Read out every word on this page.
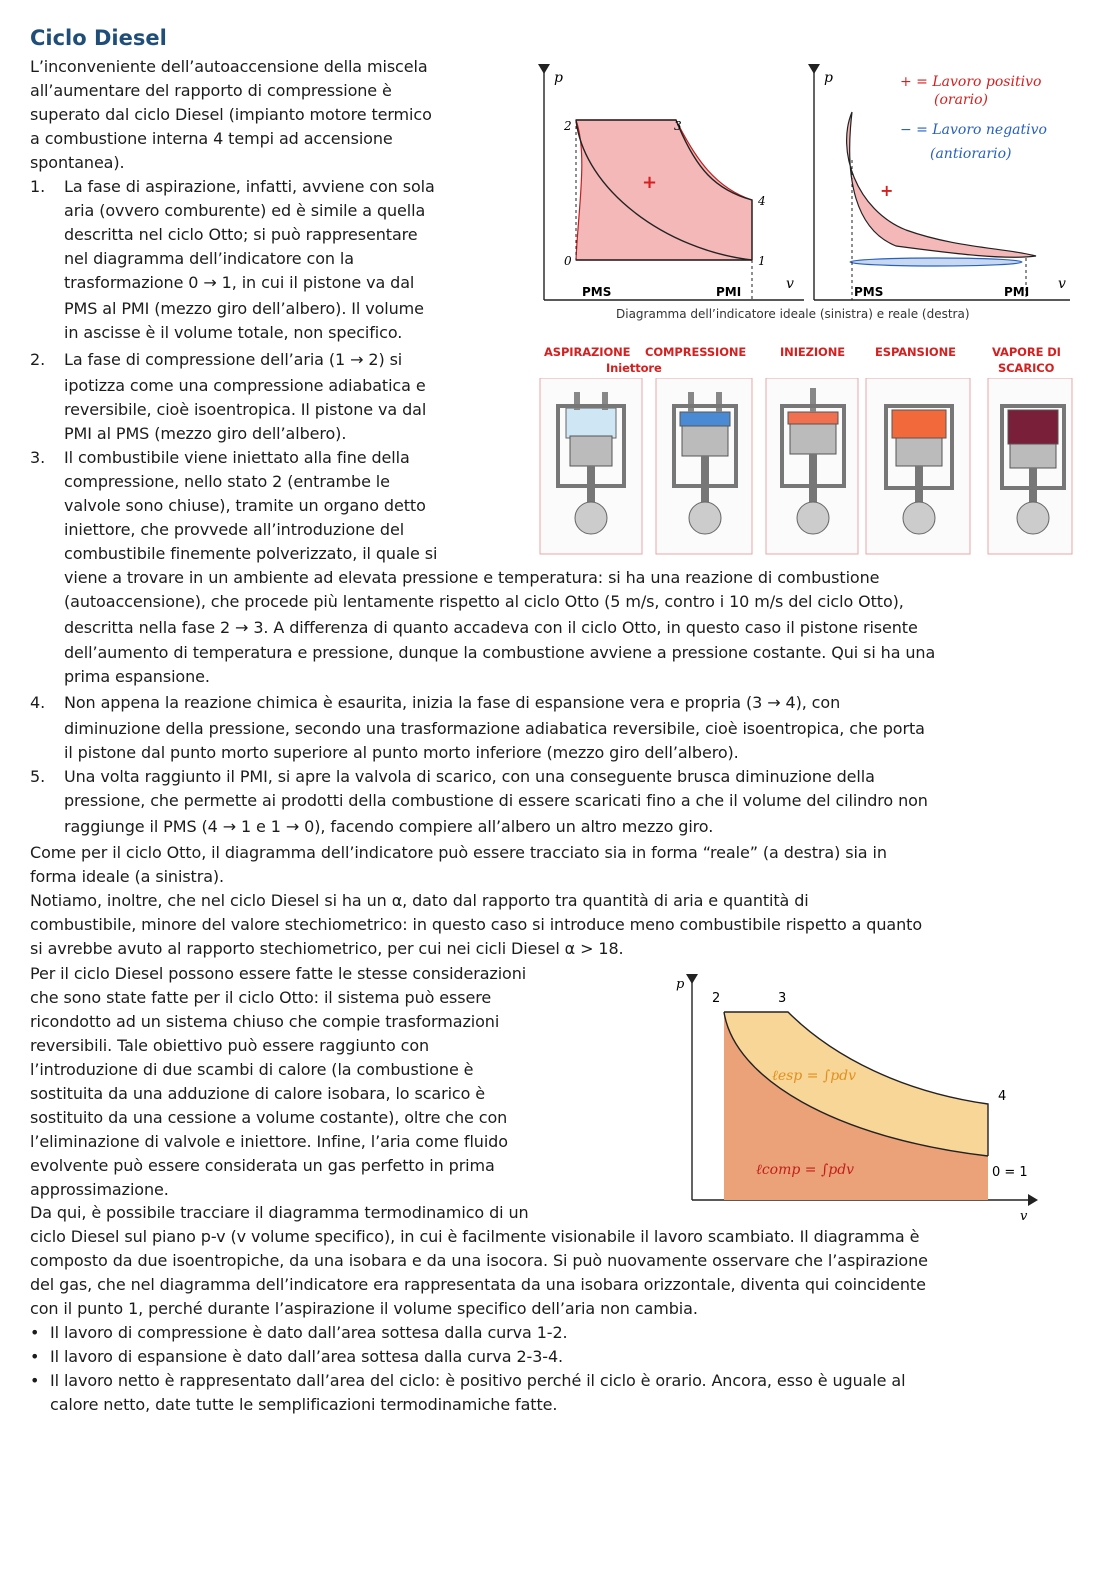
Ciclo Diesel
L’inconveniente dell’autoaccensione della miscela
all’aumentare del rapporto di compressione è
superato dal ciclo Diesel (impianto motore termico
a combustione interna 4 tempi ad accensione
spontanea).
1. La fase di aspirazione, infatti, avviene con sola
aria (ovvero comburente) ed è simile a quella
descritta nel ciclo Otto; si può rappresentare
nel diagramma dell’indicatore con la
trasformazione 0 → 1, in cui il pistone va dal
PMS al PMI (mezzo giro dell’albero). Il volume
in ascisse è il volume totale, non specifico.
2. La fase di compressione dell’aria (1 → 2) si
ipotizza come una compressione adiabatica e
reversibile, cioè isoentropica. Il pistone va dal
PMI al PMS (mezzo giro dell’albero).
3. Il combustibile viene iniettato alla fine della
compressione, nello stato 2 (entrambe le
valvole sono chiuse), tramite un organo detto
iniettore, che provvede all’introduzione del
combustibile finemente polverizzato, il quale si
viene a trovare in un ambiente ad elevata pressione e temperatura: si ha una reazione di combustione
(autoaccensione), che procede più lentamente rispetto al ciclo Otto (5 m/s, contro i 10 m/s del ciclo Otto),
descritta nella fase 2 → 3. A differenza di quanto accadeva con il ciclo Otto, in questo caso il pistone risente
dell’aumento di temperatura e pressione, dunque la combustione avviene a pressione costante. Qui si ha una
prima espansione.
4. Non appena la reazione chimica è esaurita, inizia la fase di espansione vera e propria (3 → 4), con
diminuzione della pressione, secondo una trasformazione adiabatica reversibile, cioè isoentropica, che porta
il pistone dal punto morto superiore al punto morto inferiore (mezzo giro dell’albero).
5. Una volta raggiunto il PMI, si apre la valvola di scarico, con una conseguente brusca diminuzione della
pressione, che permette ai prodotti della combustione di essere scaricati fino a che il volume del cilindro non
raggiunge il PMS (4 → 1 e 1 → 0), facendo compiere all’albero un altro mezzo giro.
Come per il ciclo Otto, il diagramma dell’indicatore può essere tracciato sia in forma “reale” (a destra) sia in
forma ideale (a sinistra).
Notiamo, inoltre, che nel ciclo Diesel si ha un α, dato dal rapporto tra quantità di aria e quantità di
combustibile, minore del valore stechiometrico: in questo caso si introduce meno combustibile rispetto a quanto
si avrebbe avuto al rapporto stechiometrico, per cui nei cicli Diesel α > 18.
Per il ciclo Diesel possono essere fatte le stesse considerazioni
che sono state fatte per il ciclo Otto: il sistema può essere
ricondotto ad un sistema chiuso che compie trasformazioni
reversibili. Tale obiettivo può essere raggiunto con
l’introduzione di due scambi di calore (la combustione è
sostituita da una adduzione di calore isobara, lo scarico è
sostituito da una cessione a volume costante), oltre che con
l’eliminazione di valvole e iniettore. Infine, l’aria come fluido
evolvente può essere considerata un gas perfetto in prima
approssimazione.
Da qui, è possibile tracciare il diagramma termodinamico di un
ciclo Diesel sul piano p-v (v volume specifico), in cui è facilmente visionabile il lavoro scambiato. Il diagramma è
composto da due isoentropiche, da una isobara e da una isocora. Si può nuovamente osservare che l’aspirazione
del gas, che nel diagramma dell’indicatore era rappresentata da una isobara orizzontale, diventa qui coincidente
con il punto 1, perché durante l’aspirazione il volume specifico dell’aria non cambia.
• Il lavoro di compressione è dato dall’area sottesa dalla curva 1-2.
• Il lavoro di espansione è dato dall’area sottesa dalla curva 2-3-4.
• Il lavoro netto è rappresentato dall’area del ciclo: è positivo perché il ciclo è orario. Ancora, esso è uguale al
calore netto, date tutte le semplificazioni termodinamiche fatte.
p
v
2	3
4
0	1
+
PMS	PMI
p
v
+
PMS	PMI
+ = Lavoro positivo
(orario)
− = Lavoro negativo
(antiorario)
Diagramma dell’indicatore ideale (sinistra) e reale (destra)
ASPIRAZIONE COMPRESSIONE	INIEZIONE	ESPANSIONE	VAPORE DI
SCARICO
Iniettore
p
v
2	3
4
0 = 1
ℓesp = ∫pdv
ℓcomp = ∫pdv
